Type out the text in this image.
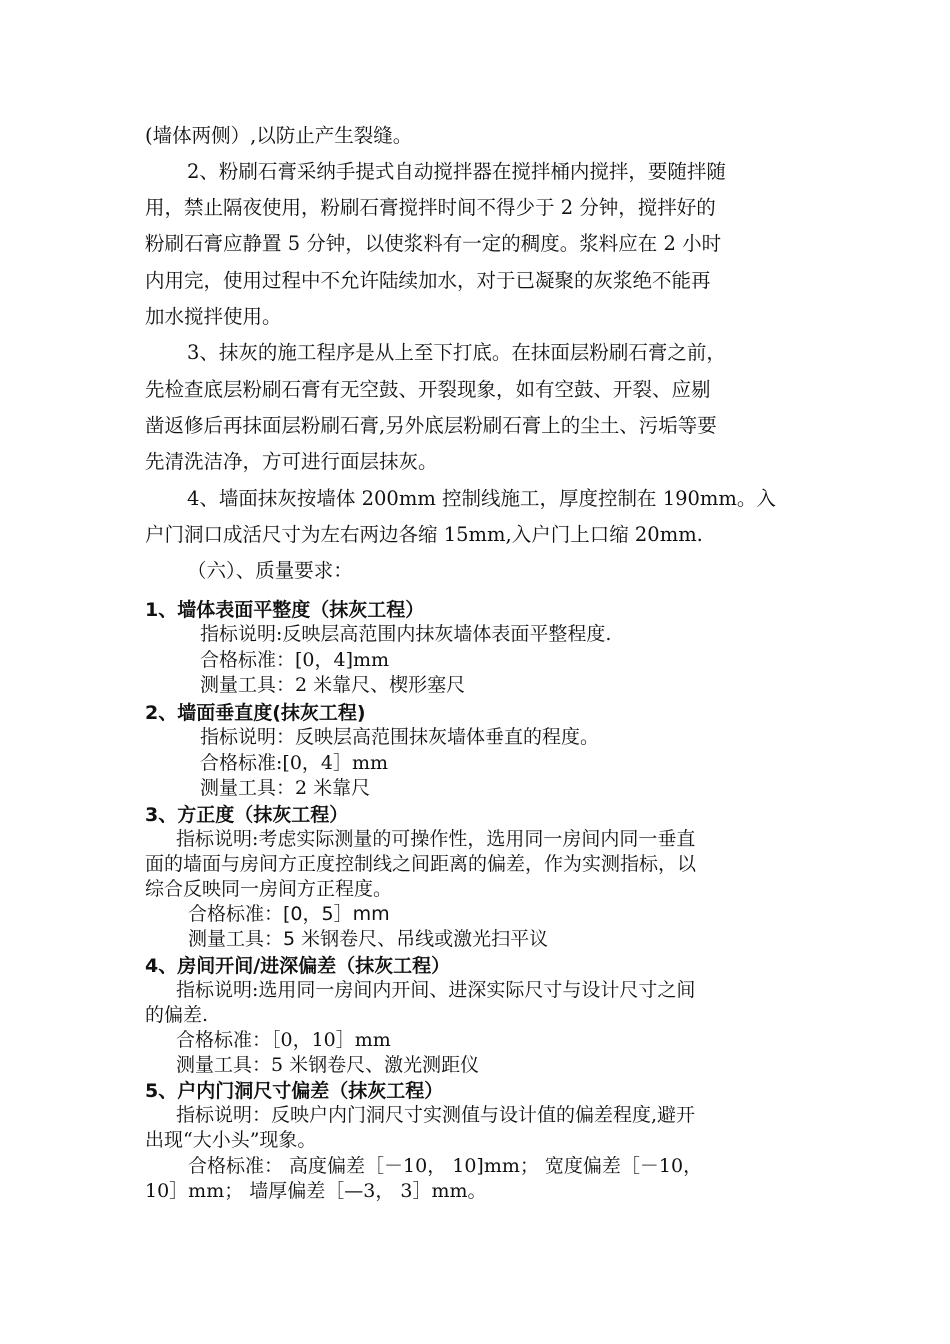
(墙体两侧）,以防止产生裂缝。

2、粉刷石膏采纳手提式自动搅拌器在搅拌桶内搅拌，要随拌随

用，禁止隔夜使用，粉刷石膏搅拌时间不得少于 2 分钟，搅拌好的

粉刷石膏应静置 5 分钟，以使浆料有一定的稠度。浆料应在 2 小时

内用完，使用过程中不允许陆续加水，对于已凝聚的灰浆绝不能再

加水搅拌使用。

3、抹灰的施工程序是从上至下打底。在抹面层粉刷石膏之前，

先检查底层粉刷石膏有无空鼓、开裂现象，如有空鼓、开裂、应剔

凿返修后再抹面层粉刷石膏,另外底层粉刷石膏上的尘土、污垢等要

先清洗洁净，方可进行面层抹灰。

4、墙面抹灰按墙体 200mm 控制线施工，厚度控制在 190mm。入

户门洞口成活尺寸为左右两边各缩 15mm,入户门上口缩 20mm.

（六）、质量要求：

1、墙体表面平整度（抹灰工程）

指标说明:反映层高范围内抹灰墙体表面平整程度.

合格标准：[0，4]mm

测量工具：2 米靠尺、楔形塞尺

2、墙面垂直度(抹灰工程)

指标说明：反映层高范围抹灰墙体垂直的程度。

合格标准:[0，4］mm

测量工具：2 米靠尺

3、方正度（抹灰工程）

指标说明:考虑实际测量的可操作性，选用同一房间内同一垂直

面的墙面与房间方正度控制线之间距离的偏差，作为实测指标，以

综合反映同一房间方正程度。

合格标准：[0，5］mm

测量工具：5 米钢卷尺、吊线或激光扫平议

4、房间开间/进深偏差（抹灰工程）

指标说明:选用同一房间内开间、进深实际尺寸与设计尺寸之间

的偏差.

合格标准：［0，10］mm

测量工具：5 米钢卷尺、激光测距仪

5、户内门洞尺寸偏差（抹灰工程）

指标说明：反映户内门洞尺寸实测值与设计值的偏差程度,避开

出现“大小头”现象。

合格标准： 高度偏差［－10， 10]mm； 宽度偏差［－10，

10］mm； 墙厚偏差［—3， 3］mm。
